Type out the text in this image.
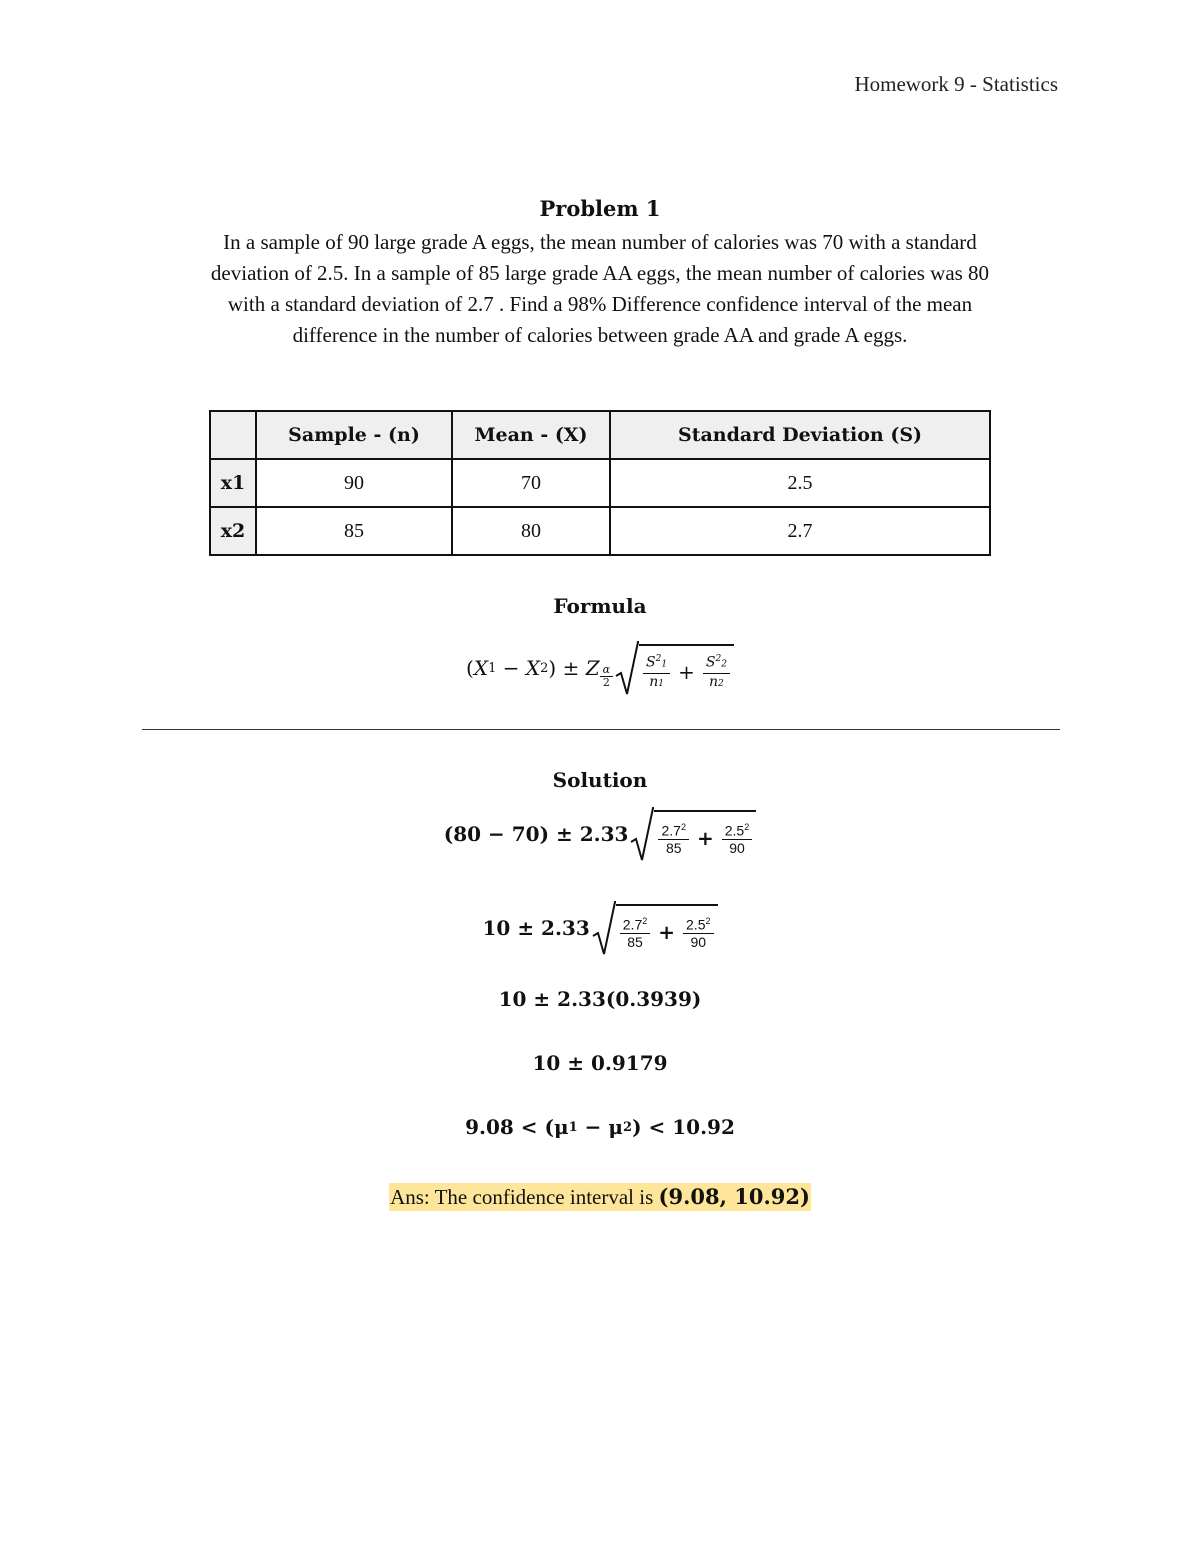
Homework 9 - Statistics
Problem 1
In a sample of 90 large grade A eggs, the mean number of calories was 70 with a standard
deviation of 2.5. In a sample of 85 large grade AA eggs, the mean number of calories was 80
with a standard deviation of 2.7 . Find a 98% Difference confidence interval of the mean
difference in the number of calories between grade AA and grade A eggs.
	Sample - (n)	Mean - (X)	Standard Deviation (S)
x1	90	70	2.5
x2	85	80	2.7
Formula
( X 1
−
X 2 )
±
Z $\frac{\alpha}{2} \frac{S^21}{n1} + \frac{S^22}{n2}$
Solution
(80 − 70)
±
$2.33 \frac{2.7^2}{85} + \frac{2.5^2}{90}$
10
±
$2.33 \frac{2.7^2}{85} + \frac{2.5^2}{90}$
10 ± 2.33(0.3939)
10 ± 0.9179
9.08
< ( μ 1
−
μ 2 ) <
10.92
Ans: The confidence interval is (9.08, 10.92)
